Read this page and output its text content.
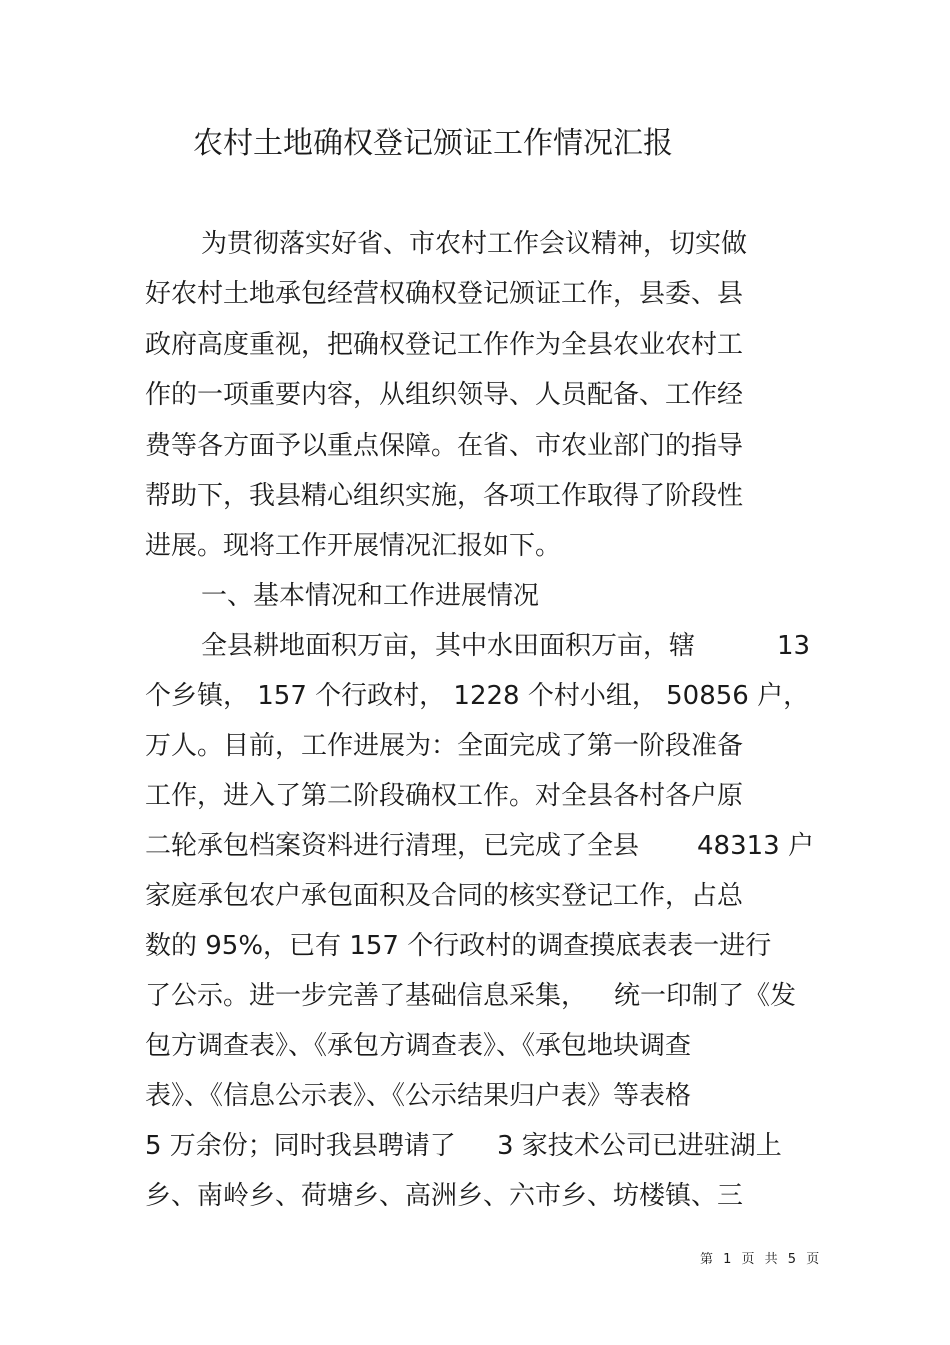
农村土地确权登记颁证工作情况汇报

为贯彻落实好省、市农村工作会议精神，切实做

好农村土地承包经营权确权登记颁证工作，县委、县

政府高度重视，把确权登记工作作为全县农业农村工

作的一项重要内容，从组织领导、人员配备、工作经

费等各方面予以重点保障。在省、市农业部门的指导

帮助下，我县精心组织实施，各项工作取得了阶段性

进展。现将工作开展情况汇报如下。

一、基本情况和工作进展情况

全县耕地面积万亩，其中水田面积万亩，辖	13

个乡镇， 157 个行政村， 1228 个村小组， 50856 户，

万人。目前，工作进展为：全面完成了第一阶段准备

工作，进入了第二阶段确权工作。对全县各村各户原

二轮承包档案资料进行清理，已完成了全县 48313 户

家庭承包农户承包面积及合同的核实登记工作，占总

数的 95%，已有 157 个行政村的调查摸底表表一进行

了公示。进一步完善了基础信息采集， 统一印制了《发

包方调查表》、《承包方调查表》、《承包地块调查

表》、《信息公示表》、《公示结果归户表》等表格

5 万余份；同时我县聘请了 3 家技术公司已进驻湖上

乡、南岭乡、荷塘乡、高洲乡、六市乡、坊楼镇、三

第 1 页 共 5 页
